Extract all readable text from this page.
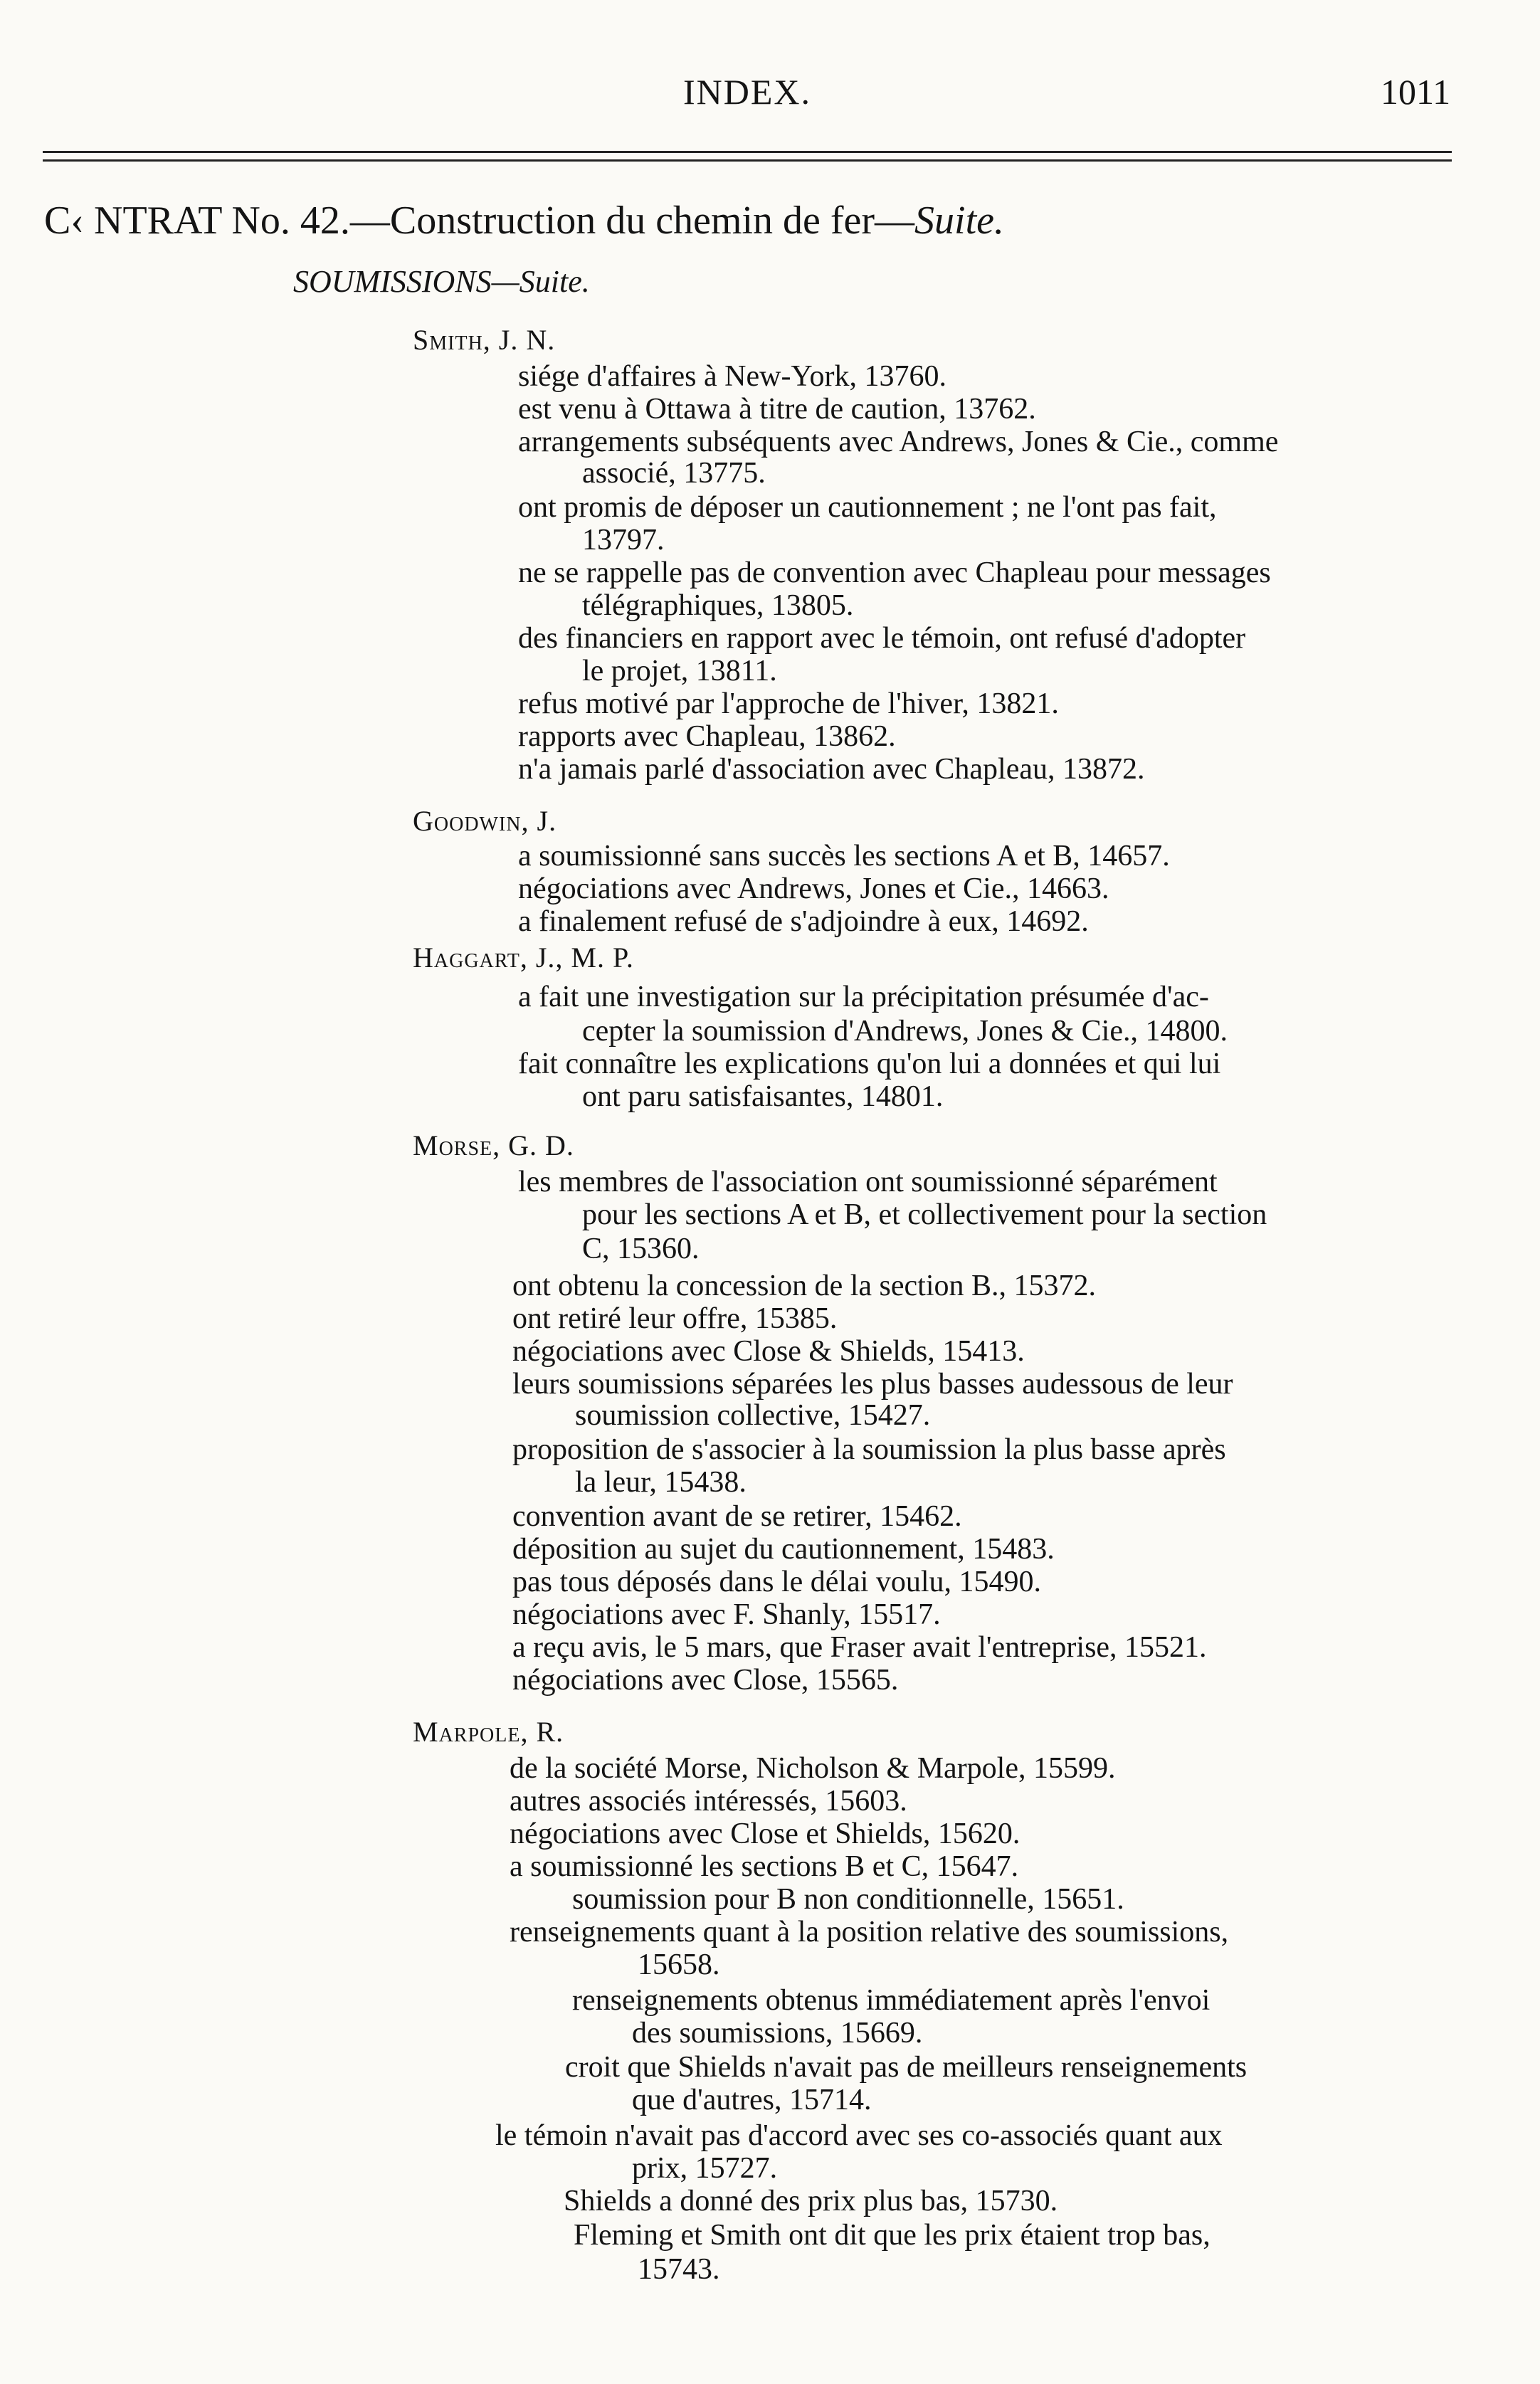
INDEX.	1011
C‹ NTRAT No. 42.—Construction du chemin de fer—Suite.
SOUMISSIONS—Suite.
Smith, J. N.
siége d'affaires à New-York, 13760.
est venu à Ottawa à titre de caution, 13762.
arrangements subséquents avec Andrews, Jones & Cie., comme
associé, 13775.
ont promis de déposer un cautionnement ; ne l'ont pas fait,
13797.
ne se rappelle pas de convention avec Chapleau pour messages
télégraphiques, 13805.
des financiers en rapport avec le témoin, ont refusé d'adopter
le projet, 13811.
refus motivé par l'approche de l'hiver, 13821.
rapports avec Chapleau, 13862.
n'a jamais parlé d'association avec Chapleau, 13872.
Goodwin, J.
a soumissionné sans succès les sections A et B, 14657.
négociations avec Andrews, Jones et Cie., 14663.
a finalement refusé de s'adjoindre à eux, 14692.
Haggart, J., M. P.
a fait une investigation sur la précipitation présumée d'ac-
cepter la soumission d'Andrews, Jones & Cie., 14800.
fait connaître les explications qu'on lui a données et qui lui
ont paru satisfaisantes, 14801.
Morse, G. D.
les membres de l'association ont soumissionné séparément
pour les sections A et B, et collectivement pour la section
C, 15360.
ont obtenu la concession de la section B., 15372.
ont retiré leur offre, 15385.
négociations avec Close & Shields, 15413.
leurs soumissions séparées les plus basses audessous de leur
soumission collective, 15427.
proposition de s'associer à la soumission la plus basse après
la leur, 15438.
convention avant de se retirer, 15462.
déposition au sujet du cautionnement, 15483.
pas tous déposés dans le délai voulu, 15490.
négociations avec F. Shanly, 15517.
a reçu avis, le 5 mars, que Fraser avait l'entreprise, 15521.
négociations avec Close, 15565.
Marpole, R.
de la société Morse, Nicholson & Marpole, 15599.
autres associés intéressés, 15603.
négociations avec Close et Shields, 15620.
a soumissionné les sections B et C, 15647.
soumission pour B non conditionnelle, 15651.
renseignements quant à la position relative des soumissions,
15658.
renseignements obtenus immédiatement après l'envoi
des soumissions, 15669.
croit que Shields n'avait pas de meilleurs renseignements
que d'autres, 15714.
le témoin n'avait pas d'accord avec ses co-associés quant aux
prix, 15727.
Shields a donné des prix plus bas, 15730.
Fleming et Smith ont dit que les prix étaient trop bas,
15743.
